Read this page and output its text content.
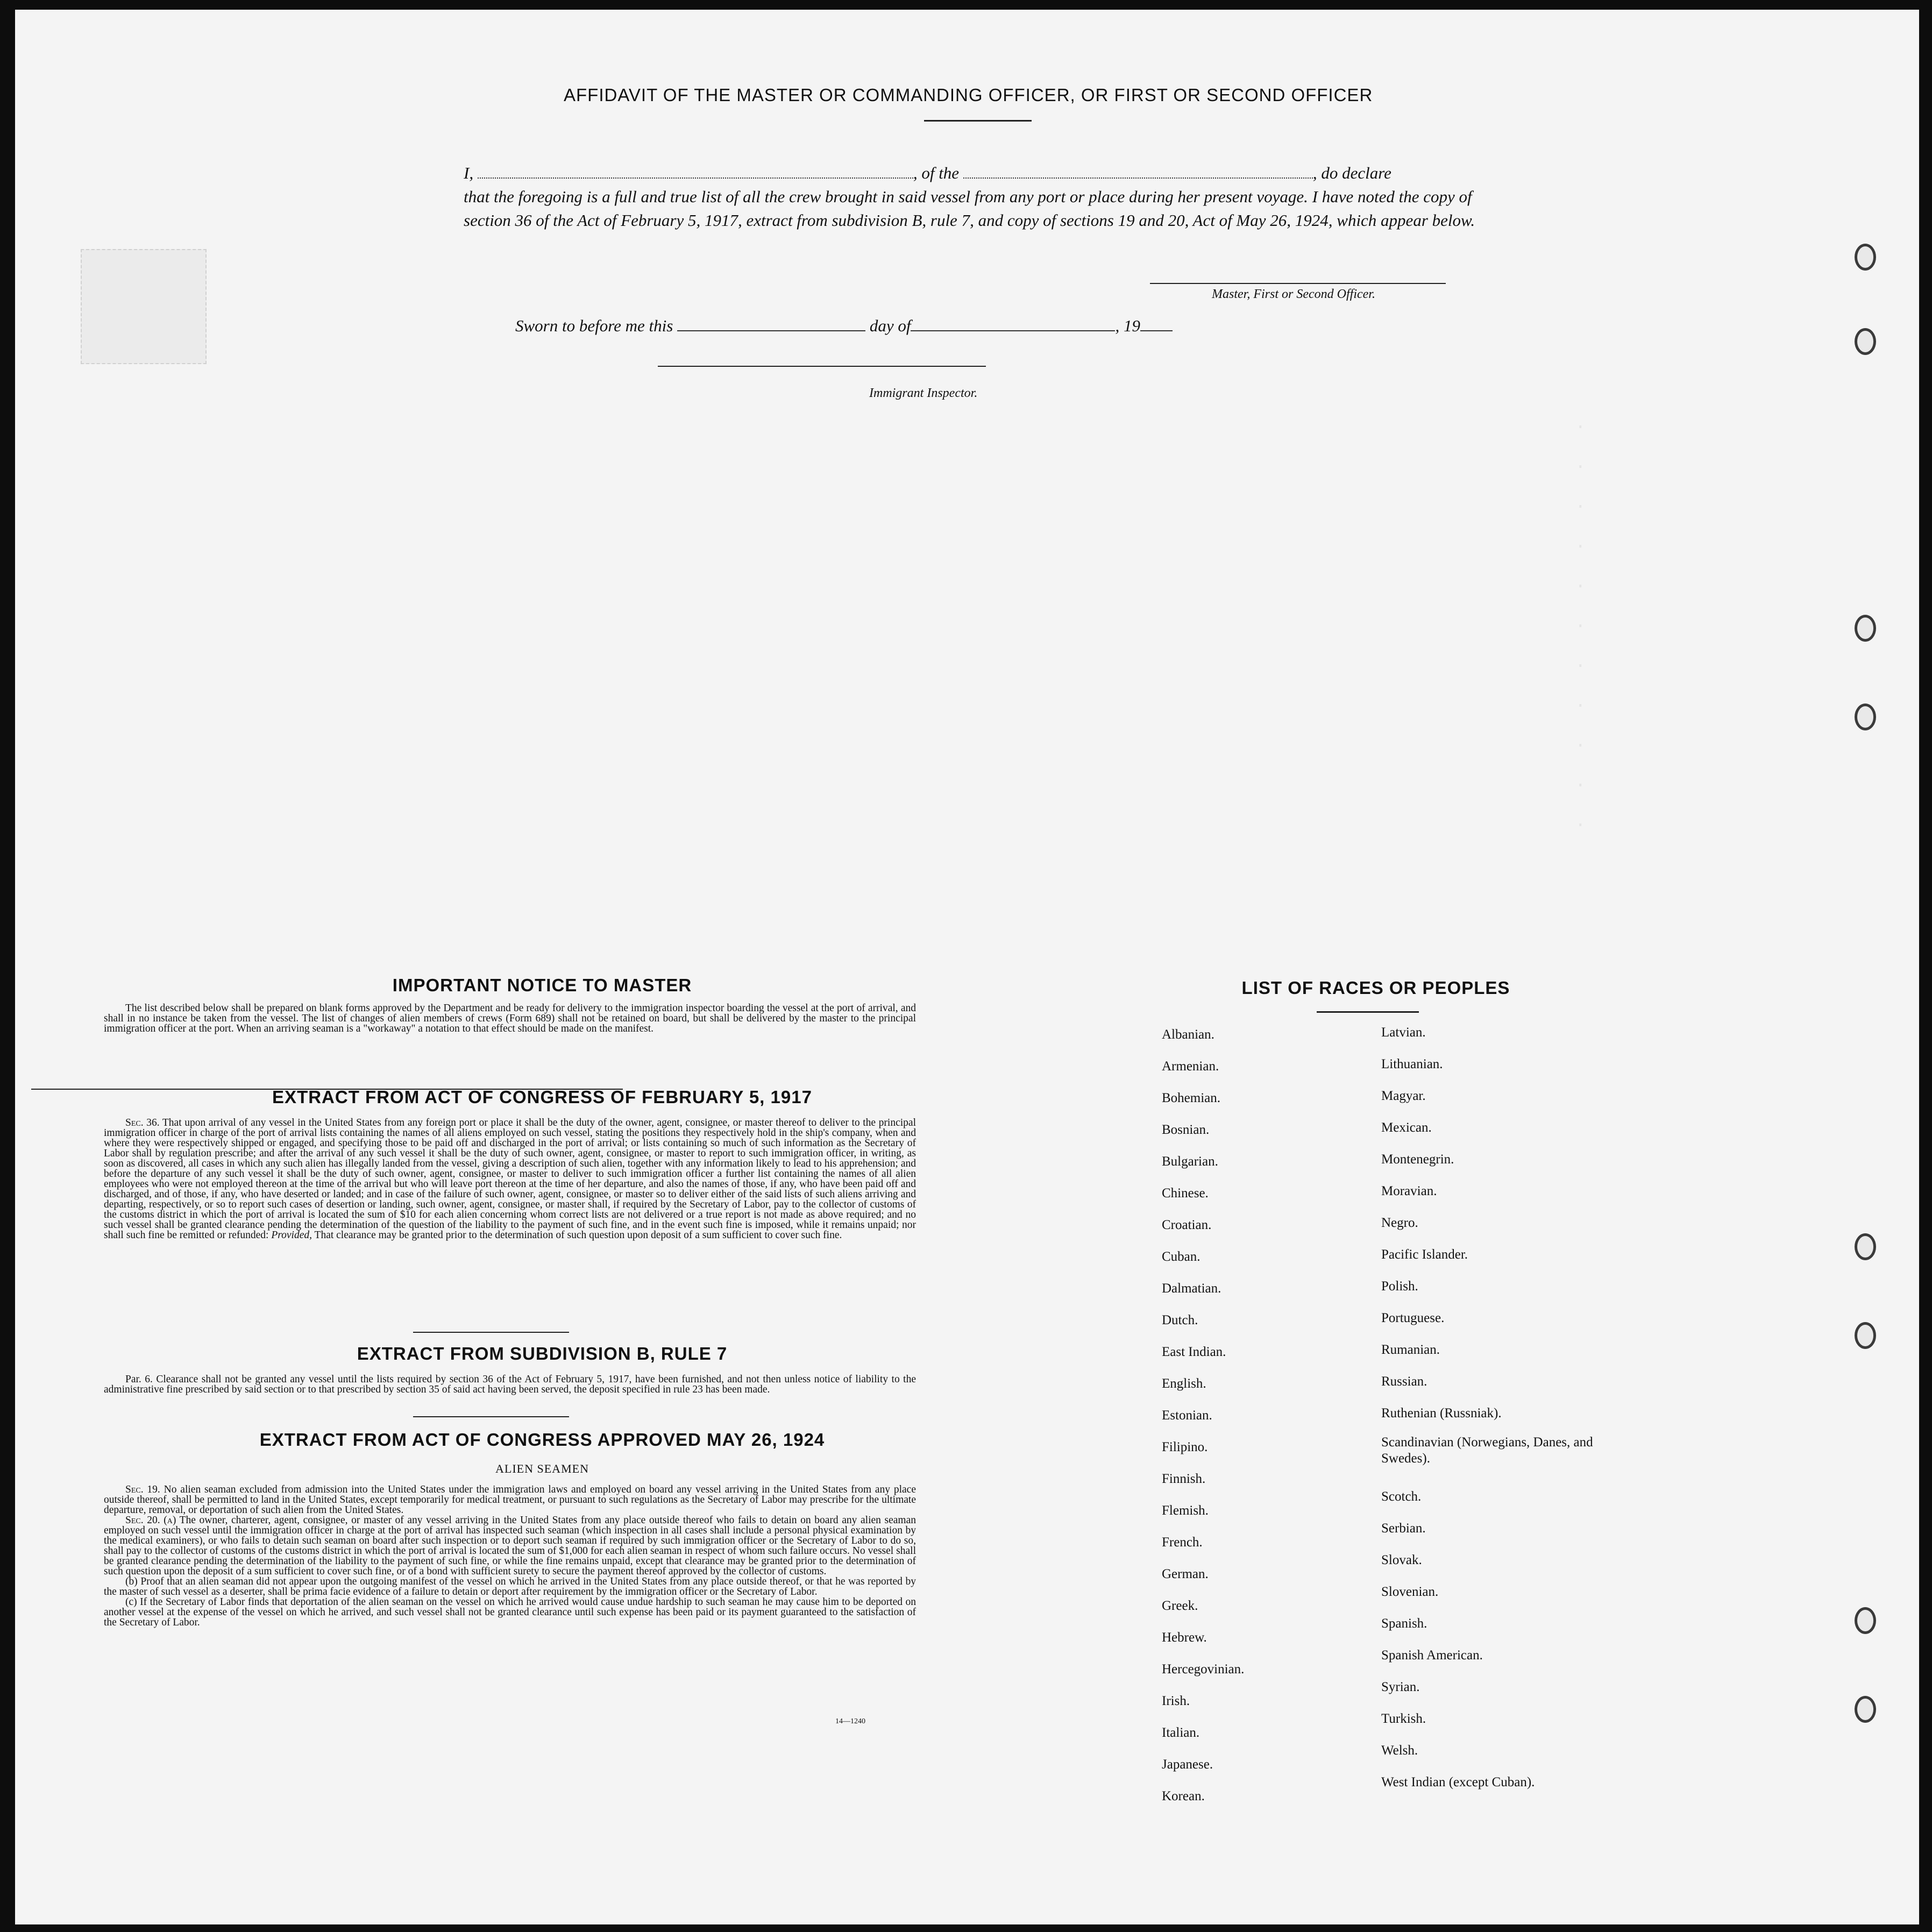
·
·
·
·
·
·
·
·
·
·
·
AFFIDAVIT OF THE MASTER OR COMMANDING OFFICER, OR FIRST OR SECOND OFFICER
I,	, of the	, do declare
that the foregoing is a full and true list of all the crew brought in said vessel from any port or place during her present voyage. I have noted the copy of section 36 of the Act of February 5, 1917, extract from subdivision B, rule 7, and copy of sections 19 and 20, Act of May 26, 1924, which appear below.
Master, First or Second Officer.
Sworn to before me this	day of	, 19
Immigrant Inspector.
IMPORTANT NOTICE TO MASTER

The list described below shall be prepared on blank forms approved by the Department and be ready for delivery to the immigration inspector boarding the vessel at the port of arrival, and shall in no instance be taken from the vessel. The list of changes of alien members of crews (Form 689) shall not be retained on board, but shall be delivered by the master to the principal immigration officer at the port. When an arriving seaman is a "workaway" a notation to that effect should be made on the manifest.

EXTRACT FROM ACT OF CONGRESS OF FEBRUARY 5, 1917

Sec. 36. That upon arrival of any vessel in the United States from any foreign port or place it shall be the duty of the owner, agent, consignee, or master thereof to deliver to the principal immigration officer in charge of the port of arrival lists containing the names of all aliens employed on such vessel, stating the positions they respectively hold in the ship's company, when and where they were respectively shipped or engaged, and specifying those to be paid off and discharged in the port of arrival; or lists containing so much of such information as the Secretary of Labor shall by regulation prescribe; and after the arrival of any such vessel it shall be the duty of such owner, agent, consignee, or master to report to such immigration officer, in writing, as soon as discovered, all cases in which any such alien has illegally landed from the vessel, giving a description of such alien, together with any information likely to lead to his apprehension; and before the departure of any such vessel it shall be the duty of such owner, agent, consignee, or master to deliver to such immigration officer a further list containing the names of all alien employees who were not employed thereon at the time of the arrival but who will leave port thereon at the time of her departure, and also the names of those, if any, who have been paid off and discharged, and of those, if any, who have deserted or landed; and in case of the failure of such owner, agent, consignee, or master so to deliver either of the said lists of such aliens arriving and departing, respectively, or so to report such cases of desertion or landing, such owner, agent, consignee, or master shall, if required by the Secretary of Labor, pay to the collector of customs of the customs district in which the port of arrival is located the sum of $10 for each alien concerning whom correct lists are not delivered or a true report is not made as above required; and no such vessel shall be granted clearance pending the determination of the question of the liability to the payment of such fine, and in the event such fine is imposed, while it remains unpaid; nor shall such fine be remitted or refunded: Provided, That clearance may be granted prior to the determination of such question upon deposit of a sum sufficient to cover such fine.

EXTRACT FROM SUBDIVISION B, RULE 7

Par. 6. Clearance shall not be granted any vessel until the lists required by section 36 of the Act of February 5, 1917, have been furnished, and not then unless notice of liability to the administrative fine prescribed by said section or to that prescribed by section 35 of said act having been served, the deposit specified in rule 23 has been made.

EXTRACT FROM ACT OF CONGRESS APPROVED MAY 26, 1924
ALIEN SEAMEN

Sec. 19. No alien seaman excluded from admission into the United States under the immigration laws and employed on board any vessel arriving in the United States from any place outside thereof, shall be permitted to land in the United States, except temporarily for medical treatment, or pursuant to such regulations as the Secretary of Labor may prescribe for the ultimate departure, removal, or deportation of such alien from the United States.

Sec. 20. (a) The owner, charterer, agent, consignee, or master of any vessel arriving in the United States from any place outside thereof who fails to detain on board any alien seaman employed on such vessel until the immigration officer in charge at the port of arrival has inspected such seaman (which inspection in all cases shall include a personal physical examination by the medical examiners), or who fails to detain such seaman on board after such inspection or to deport such seaman if required by such immigration officer or the Secretary of Labor to do so, shall pay to the collector of customs of the customs district in which the port of arrival is located the sum of $1,000 for each alien seaman in respect of whom such failure occurs. No vessel shall be granted clearance pending the determination of the liability to the payment of such fine, or while the fine remains unpaid, except that clearance may be granted prior to the determination of such question upon the deposit of a sum sufficient to cover such fine, or of a bond with sufficient surety to secure the payment thereof approved by the collector of customs.

(b) Proof that an alien seaman did not appear upon the outgoing manifest of the vessel on which he arrived in the United States from any place outside thereof, or that he was reported by the master of such vessel as a deserter, shall be prima facie evidence of a failure to detain or deport after requirement by the immigration officer or the Secretary of Labor.

(c) If the Secretary of Labor finds that deportation of the alien seaman on the vessel on which he arrived would cause undue hardship to such seaman he may cause him to be deported on another vessel at the expense of the vessel on which he arrived, and such vessel shall not be granted clearance until such expense has been paid or its payment guaranteed to the satisfaction of the Secretary of Labor.

14—1240
LIST OF RACES OR PEOPLES
Albanian.
Armenian.
Bohemian.
Bosnian.
Bulgarian.
Chinese.
Croatian.
Cuban.
Dalmatian.
Dutch.
East Indian.
English.
Estonian.
Filipino.
Finnish.
Flemish.
French.
German.
Greek.
Hebrew.
Hercegovinian.
Irish.
Italian.
Japanese.
Korean.
Latvian.
Lithuanian.
Magyar.
Mexican.
Montenegrin.
Moravian.
Negro.
Pacific Islander.
Polish.
Portuguese.
Rumanian.
Russian.
Ruthenian (Russniak).
Scandinavian (Norwegians, Danes, and Swedes).
Scotch.
Serbian.
Slovak.
Slovenian.
Spanish.
Spanish American.
Syrian.
Turkish.
Welsh.
West Indian (except Cuban).
